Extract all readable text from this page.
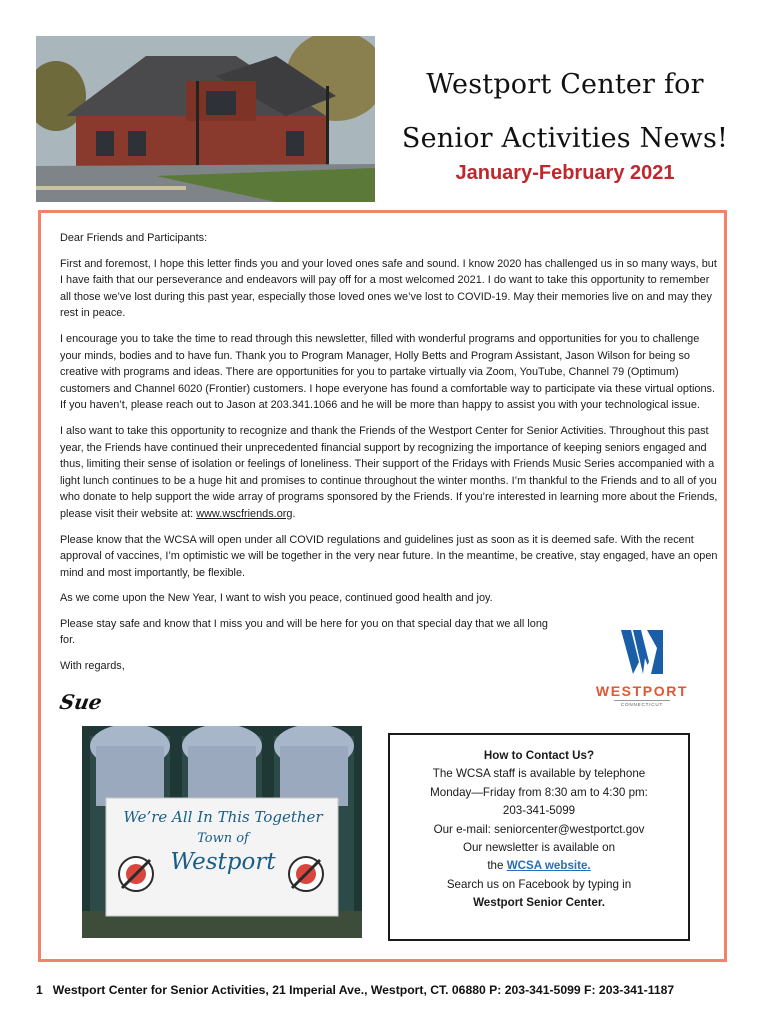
Westport Center for
Senior Activities News!
January-February 2021

Dear Friends and Participants:

First and foremost, I hope this letter finds you and your loved ones safe and sound. I know 2020 has challenged us in so many ways, but I have faith that our perseverance and endeavors will pay off for a most welcomed 2021. I do want to take this opportunity to remember all those we’ve lost during this past year, especially those loved ones we’ve lost to COVID-19. May their memories live on and may they rest in peace.

I encourage you to take the time to read through this newsletter, filled with wonderful programs and opportunities for you to challenge your minds, bodies and to have fun. Thank you to Program Manager, Holly Betts and Program Assistant, Jason Wilson for being so creative with programs and ideas. There are opportunities for you to partake virtually via Zoom, YouTube, Channel 79 (Optimum) customers and Channel 6020 (Frontier) customers. I hope everyone has found a comfortable way to participate via these virtual options. If you haven’t, please reach out to Jason at 203.341.1066 and he will be more than happy to assist you with your technological issue.

I also want to take this opportunity to recognize and thank the Friends of the Westport Center for Senior Activities. Throughout this past year, the Friends have continued their unprecedented financial support by recognizing the importance of keeping seniors engaged and thus, limiting their sense of isolation or feelings of loneliness. Their support of the Fridays with Friends Music Series accompanied with a light lunch continues to be a huge hit and promises to continue throughout the winter months. I’m thankful to the Friends and to all of you who donate to help support the wide array of programs sponsored by the Friends. If you’re interested in learning more about the Friends, please visit their website at: www.wscfriends.org.

Please know that the WCSA will open under all COVID regulations and guidelines just as soon as it is deemed safe. With the recent approval of vaccines, I’m optimistic we will be together in the very near future. In the meantime, be creative, stay engaged, have an open mind and most importantly, be flexible.

As we come upon the New Year, I want to wish you peace, continued good health and joy.

Please stay safe and know that I miss you and will be here for you on that special day that we all long for.

With regards,

Sue	WESTPORT
CONNECTICUT
We’re All In This Together
Town of
Westport
How to Contact Us?
The WCSA staff is available by telephone
Monday—Friday from 8:30 am to 4:30 pm:
203-341-5099
Our e-mail: seniorcenter@westportct.gov
Our newsletter is available on
the WCSA website.
Search us on Facebook by typing in
Westport Senior Center.
1 Westport Center for Senior Activities, 21 Imperial Ave., Westport, CT. 06880 P: 203-341-5099 F: 203-341-1187
